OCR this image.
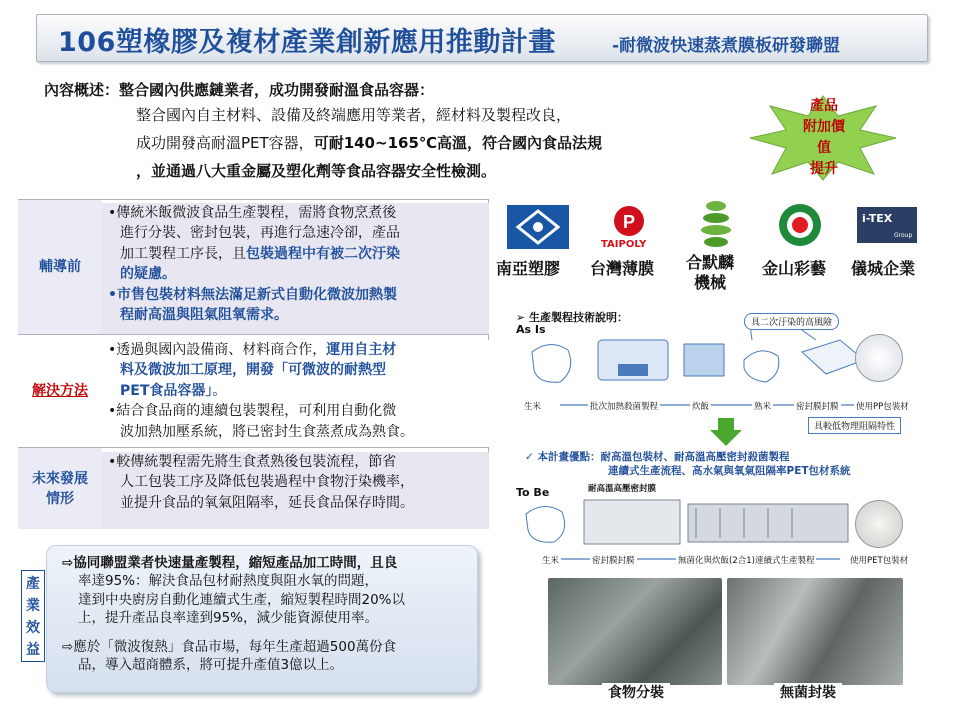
106塑橡膠及複材產業創新應用推動計畫	-耐微波快速蒸煮膜板研發聯盟
內容概述：整合國內供應鏈業者，成功開發耐溫食品容器：
整合國內自主材料、設備及終端應用等業者，經材料及製程改良，
成功開發高耐溫PET容器，可耐140~165℃高溫，符合國內食品法規
，並通過八大重金屬及塑化劑等食品容器安全性檢測。
產品
附加價值
提升
輔導前
•傳統米飯微波食品生產製程，需將食物烹煮後
進行分裝、密封包裝，再進行急速冷卻，產品
加工製程工序長，且包裝過程中有被二次汙染
的疑慮。
•市售包裝材料無法滿足新式自動化微波加熱製
程耐高溫與阻氣阻氧需求。
解決方法
•透過與國內設備商、材料商合作，運用自主材
料及微波加工原理，開發「可微波的耐熱型
PET食品容器」。
•結合食品商的連續包裝製程，可利用自動化微
波加熱加壓系統，將已密封生食蒸煮成為熟食。
未來發展
情形
•較傳統製程需先將生食煮熟後包裝流程，節省
人工包裝工序及降低包裝過程中食物汙染機率，
並提升食品的氧氣阻隔率，延長食品保存時間。
產
業
效
益
⇨協同聯盟業者快速量產製程，縮短產品加工時間，且良
率達95%：解決食品包材耐熱度與阻水氧的問題，
達到中央廚房自動化連續式生產，縮短製程時間20%以
上，提升產品良率達到95%，減少能資源使用率。
⇨應於「微波復熱」食品市場，每年生產超過500萬份食
品，導入超商體系，將可提升產值3億以上。
南亞塑膠
P
TAIPOLY
台灣薄膜 合默麟
機械
金山彩藝
i-TEX
Group
儀城企業
➢ 生產製程技術說明：
As Is	具二次汙染的高風險
生米	批次加熱殺菌製程	炊飯	熟米	密封膜封膜 使用PP包裝材
具較低物理阻隔特性
✓ 本計畫優點：耐高溫包裝材、耐高溫高壓密封殺菌製程
連續式生產流程、高水氣與氧氣阻隔率PET包材系統
To Be	耐高溫高壓密封膜
生米	密封膜封膜	無菌化與炊飯(2合1)連續式生產製程	使用PET包裝材
食物分裝	無菌封裝
